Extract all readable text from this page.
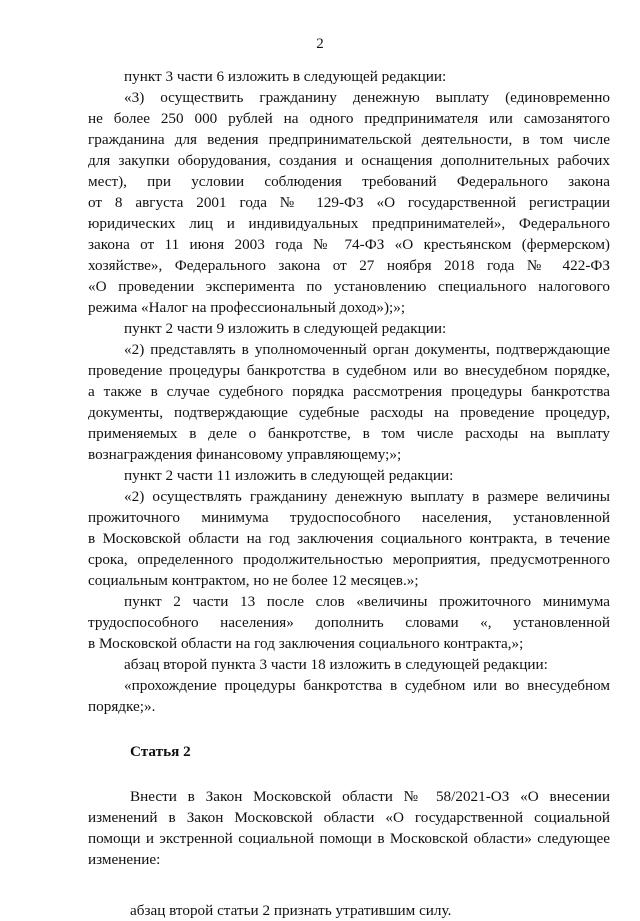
2
пункт 3 части 6 изложить в следующей редакции:
«3) осуществить гражданину денежную выплату (единовременно
не более 250 000 рублей на одного предпринимателя или самозанятого
гражданина для ведения предпринимательской деятельности, в том числе
для закупки оборудования, создания и оснащения дополнительных рабочих
мест), при условии соблюдения требований Федерального закона
от 8 августа 2001 года № 129-ФЗ «О государственной регистрации
юридических лиц и индивидуальных предпринимателей», Федерального
закона от 11 июня 2003 года № 74-ФЗ «О крестьянском (фермерском)
хозяйстве», Федерального закона от 27 ноября 2018 года № 422-ФЗ
«О проведении эксперимента по установлению специального налогового
режима «Налог на профессиональный доход»);»;
пункт 2 части 9 изложить в следующей редакции:
«2) представлять в уполномоченный орган документы, подтверждающие
проведение процедуры банкротства в судебном или во внесудебном порядке,
а также в случае судебного порядка рассмотрения процедуры банкротства
документы, подтверждающие судебные расходы на проведение процедур,
применяемых в деле о банкротстве, в том числе расходы на выплату
вознаграждения финансовому управляющему;»;
пункт 2 части 11 изложить в следующей редакции:
«2) осуществлять гражданину денежную выплату в размере величины
прожиточного минимума трудоспособного населения, установленной
в Московской области на год заключения социального контракта, в течение
срока, определенного продолжительностью мероприятия, предусмотренного
социальным контрактом, но не более 12 месяцев.»;
пункт 2 части 13 после слов «величины прожиточного минимума
трудоспособного населения» дополнить словами «, установленной
в Московской области на год заключения социального контракта,»;
абзац второй пункта 3 части 18 изложить в следующей редакции:
«прохождение процедуры банкротства в судебном или во внесудебном
порядке;».
Статья 2
Внести в Закон Московской области № 58/2021-ОЗ «О внесении
изменений в Закон Московской области «О государственной социальной
помощи и экстренной социальной помощи в Московской области» следующее
изменение:
абзац второй статьи 2 признать утратившим силу.
